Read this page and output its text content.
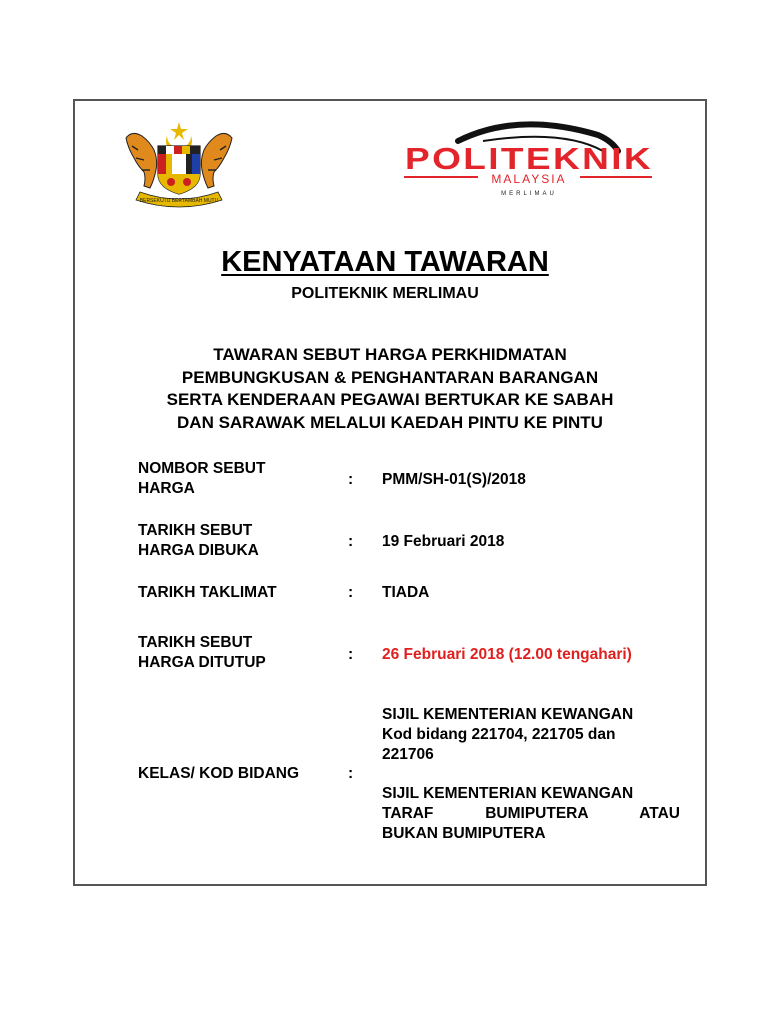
BERSEKUTU BERTAMBAH MUTU
POLITEKNIK
MALAYSIA
MERLIMAU
KENYATAAN TAWARAN
POLITEKNIK MERLIMAU
TAWARAN SEBUT HARGA PERKHIDMATAN
PEMBUNGKUSAN & PENGHANTARAN BARANGAN
SERTA KENDERAAN PEGAWAI BERTUKAR KE SABAH
DAN SARAWAK MELALUI KAEDAH PINTU KE PINTU
NOMBOR SEBUT
HARGA
: PMM/SH-01(S)/2018
TARIKH SEBUT
HARGA DIBUKA
: 19 Februari 2018
TARIKH TAKLIMAT	: TIADA
TARIKH SEBUT
HARGA DITUTUP	: 26 Februari 2018 (12.00 tengahari)
KELAS/ KOD BIDANG	:
SIJIL KEMENTERIAN KEWANGAN
Kod bidang 221704, 221705 dan
221706
SIJIL KEMENTERIAN KEWANGAN
TARAF BUMIPUTERA ATAU
BUKAN BUMIPUTERA
